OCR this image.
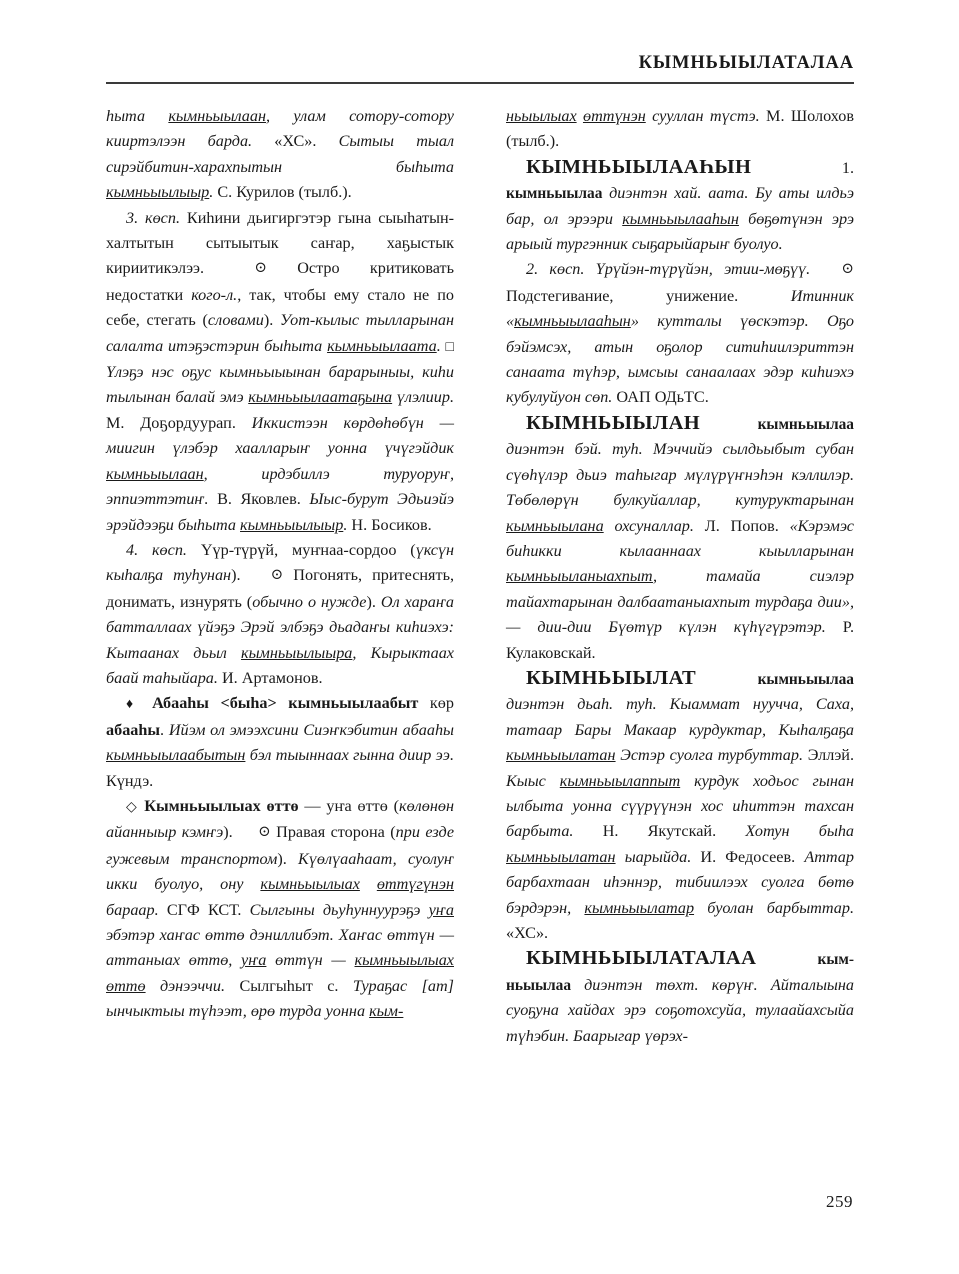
КЫМНЬЫЫЛАТАЛАА

һыта кымньыылаан, улам сотору-сотору кииртэлээн барда. «ХС». Сытыы тыал сирэйбитин-харахпытын быһыта кымньыылыыр. С. Курилов (тылб.).

3. көсп. Киһини дьигиргэтэр гына сыыһатын-халтытын сытыытык саҥар, хаҕыстык кириитикэлээ. ⊙ Остро критиковать недостатки кого-л., так, чтобы ему стало не по себе, стегать (словами). Уот-кылыс тылларынан салалта итэҕэстэрин быһыта кымньыылаата. □ Үлэҕэ нэс оҕус кымньыыынан барарыныы, киһи тылынан балай эмэ кымньыылаатаҕына үлэлиир. М. Доҕордуурап. Иккистээн көрдөһөбүн — миигин үлэбэр хаалларыҥ уонна үчүгэйдик кымньыылаан, ирдэбиллэ туруоруҥ, эппиэттэтиҥ. В. Яковлев. Ыыс-бурут Эдьиэйэ эрэйдээҕи быһыта кымньыылыыр. Н. Босиков.

4. көсп. Үүр-түрүй, муҥнаа-сордоо (үксүн кыһалҕа туһунан). ⊙ Погонять, притеснять, донимать, изнурять (обычно о нужде). Ол хараҥа батталлаах үйэҕэ Эрэй элбэҕэ дьадаҥы киһиэхэ: Кытаанах дьыл кымньыылыыра, Кырыктаах баай таһыйара. И. Артамонов.

♦ Абааһы <быһа> кымньыылаабыт көр абааһы. Ийэм ол эмээхсини Сиэҥкэбитин абааһы кымньыылаабытын бэл тыыннаах гынна диир ээ. Күндэ.

◇ Кымньыылыах өттө — уҥа өттө (көлөнөн айанныыр кэмҥэ). ⊙ Правая сторона (при езде гужевым транспортом). Күөлүааһаат, суолуҥ икки буолуо, ону кымньыылыах өттүгүнэн бараар. СГФ КСТ. Сылгыны дьуһуннуурэҕэ уҥа эбэтэр хаҥас өттө дэниллибэт. Хаҥас өттүн — аттаныах өттө, уҥа өттүн — кымньыылыах өттө дэнээччи. Сылгыһыт с. Тураҕас [ат] ынчыктыы түһээт, өрө турда уонна кым-

ньыылыах өттүнэн сууллан түстэ. М. Шолохов (тылб.).

КЫМНЬЫЫЛААҺЫН 1. кымньыылаа диэнтэн хай. аата. Бу аты илдьэ бар, ол эрээри кымньыылааһын бөҕөтүнэн эрэ арыый тургэнник сыҕарыйарыҥ буолуо.

2. көсп. Үрүйэн-түрүйэн, этии-мөҕүү. ⊙ Подстегивание, унижение. Итинник «кымньыылааһын» кутталы үөскэтэр. Оҕо бэйэмсэх, атын оҕолор ситиһиилэриттэн санаата түһэр, ымсыы санаалаах эдэр киһиэхэ кубулуйуон сөп. ОАП ОДьТС.

КЫМНЬЫЫЛАН кымньыылаа диэнтэн бэй. туһ. Мэччийэ сылдьыбыт субан сүөһүлэр дьиэ таһыгар мүлүрүҥнэһэн кэллилэр. Төбөлөрүн булкуйаллар, кутуруктарынан кымньыылана охсуналлар. Л. Попов. «Кэрэмэс биһикки кылааннаах кыылларынан кымньыыланыахпыт, тамайа сиэлэр тайахтарынан далбаатаныахпыт турдаҕа дии», — дии-дии Бүөтүр күлэн күһүгүрэтэр. Ρ. Кулаковскай.

КЫМНЬЫЫЛАТ кымньыылаа диэнтэн дьаһ. туһ. Кыаммат нуучча, Саха, татаар Бары Макаар курдуктар, Кыһалҕаҕа кымньыылатан Эстэр суолга турбуттар. Эллэй. Кыыс кымньыылаппыт курдук ходьос гынан ылбыта уонна сүүрүүнэн хос иһиттэн тахсан барбыта. Н. Якутскай. Хотун быһа кымньыылатан ыарыйда. И. Федосеев. Аттар барбахтаан иһэннэр, тибиилээх суолга бөтө бэрдэрэн, кымньыылатар буолан барбыттар. «ХС».

КЫМНЬЫЫЛАТАЛАА кым-ньыылаа диэнтэн төхт. көрүҥ. Айталыына суоҕуна хайдах эрэ соҕотохсуйа, тулаайахсыйа түһэбин. Баарыгар үөрэх-

259
